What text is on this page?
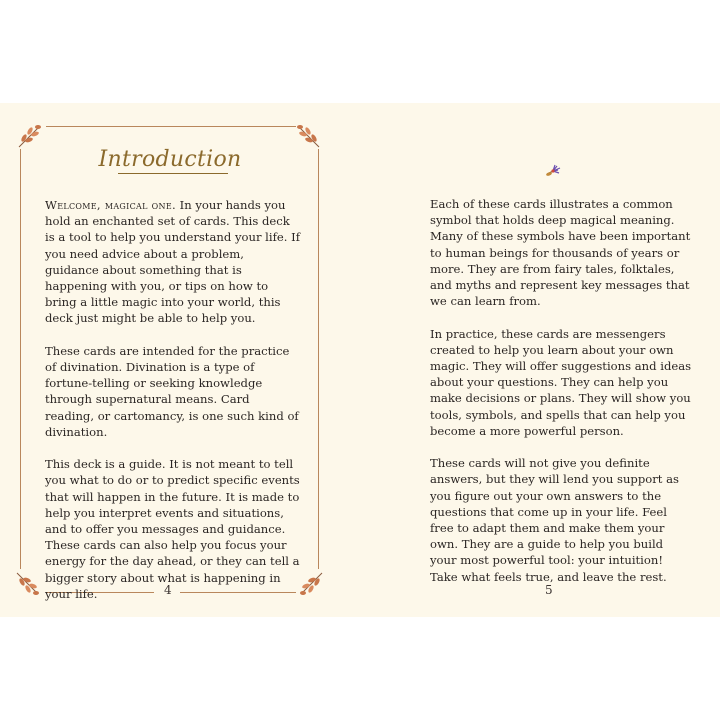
Introduction

Welcome, magical one. In your hands you hold an enchanted set of cards. This deck is a tool to help you understand your life. If you need advice about a problem, guidance about something that is happening with you, or tips on how to bring a little magic into your world, this deck just might be able to help you.

These cards are intended for the practice of divination. Divination is a type of fortune-telling or seeking knowledge through supernatural means. Card reading, or cartomancy, is one such kind of divination.

This deck is a guide. It is not meant to tell you what to do or to predict specific events that will happen in the future. It is made to help you interpret events and situations, and to offer you messages and guidance. These cards can also help you focus your energy for the day ahead, or they can tell a bigger story about what is happening in your life.	4

Each of these cards illustrates a common symbol that holds deep magical meaning. Many of these symbols have been important to human beings for thousands of years or more. They are from fairy tales, folktales, and myths and represent key messages that we can learn from.

In practice, these cards are messengers created to help you learn about your own magic. They will offer suggestions and ideas about your questions. They can help you make decisions or plans. They will show you tools, symbols, and spells that can help you become a more powerful person.

These cards will not give you definite answers, but they will lend you support as you figure out your own answers to the questions that come up in your life. Feel free to adapt them and make them your own. They are a guide to help you build your most powerful tool: your intuition! Take what feels true, and leave the rest.

5
